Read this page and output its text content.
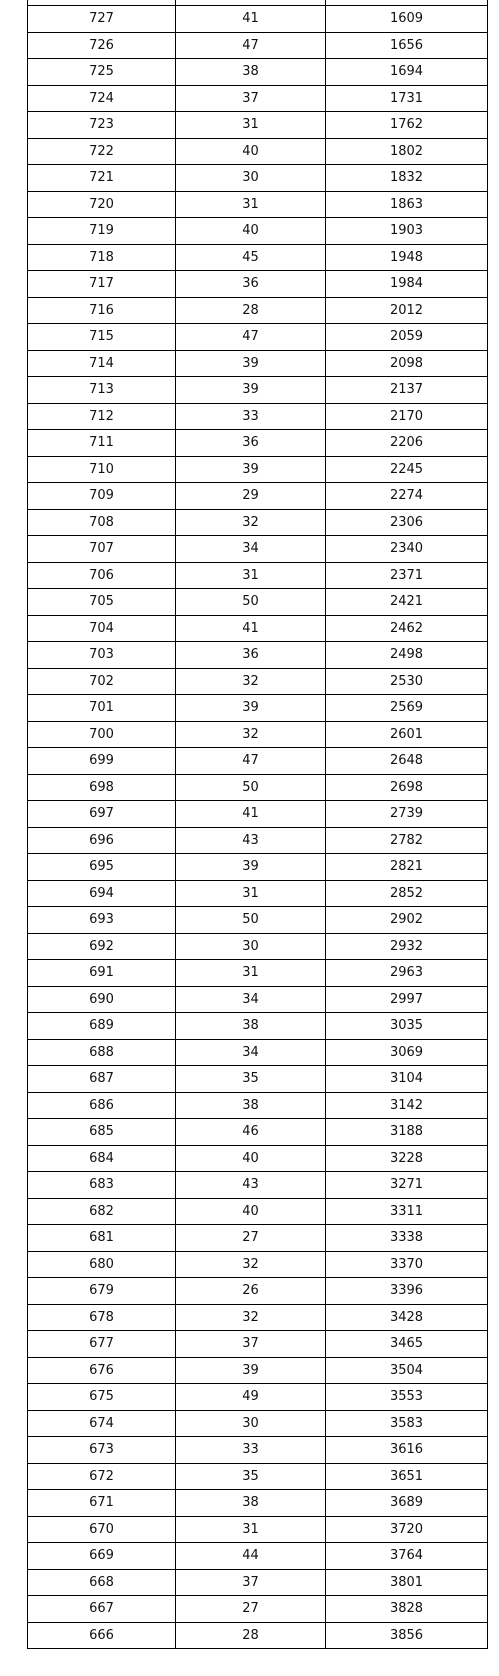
727	41	1609
726	47	1656
725	38	1694
724	37	1731
723	31	1762
722	40	1802
721	30	1832
720	31	1863
719	40	1903
718	45	1948
717	36	1984
716	28	2012
715	47	2059
714	39	2098
713	39	2137
712	33	2170
711	36	2206
710	39	2245
709	29	2274
708	32	2306
707	34	2340
706	31	2371
705	50	2421
704	41	2462
703	36	2498
702	32	2530
701	39	2569
700	32	2601
699	47	2648
698	50	2698
697	41	2739
696	43	2782
695	39	2821
694	31	2852
693	50	2902
692	30	2932
691	31	2963
690	34	2997
689	38	3035
688	34	3069
687	35	3104
686	38	3142
685	46	3188
684	40	3228
683	43	3271
682	40	3311
681	27	3338
680	32	3370
679	26	3396
678	32	3428
677	37	3465
676	39	3504
675	49	3553
674	30	3583
673	33	3616
672	35	3651
671	38	3689
670	31	3720
669	44	3764
668	37	3801
667	27	3828
666	28	3856
